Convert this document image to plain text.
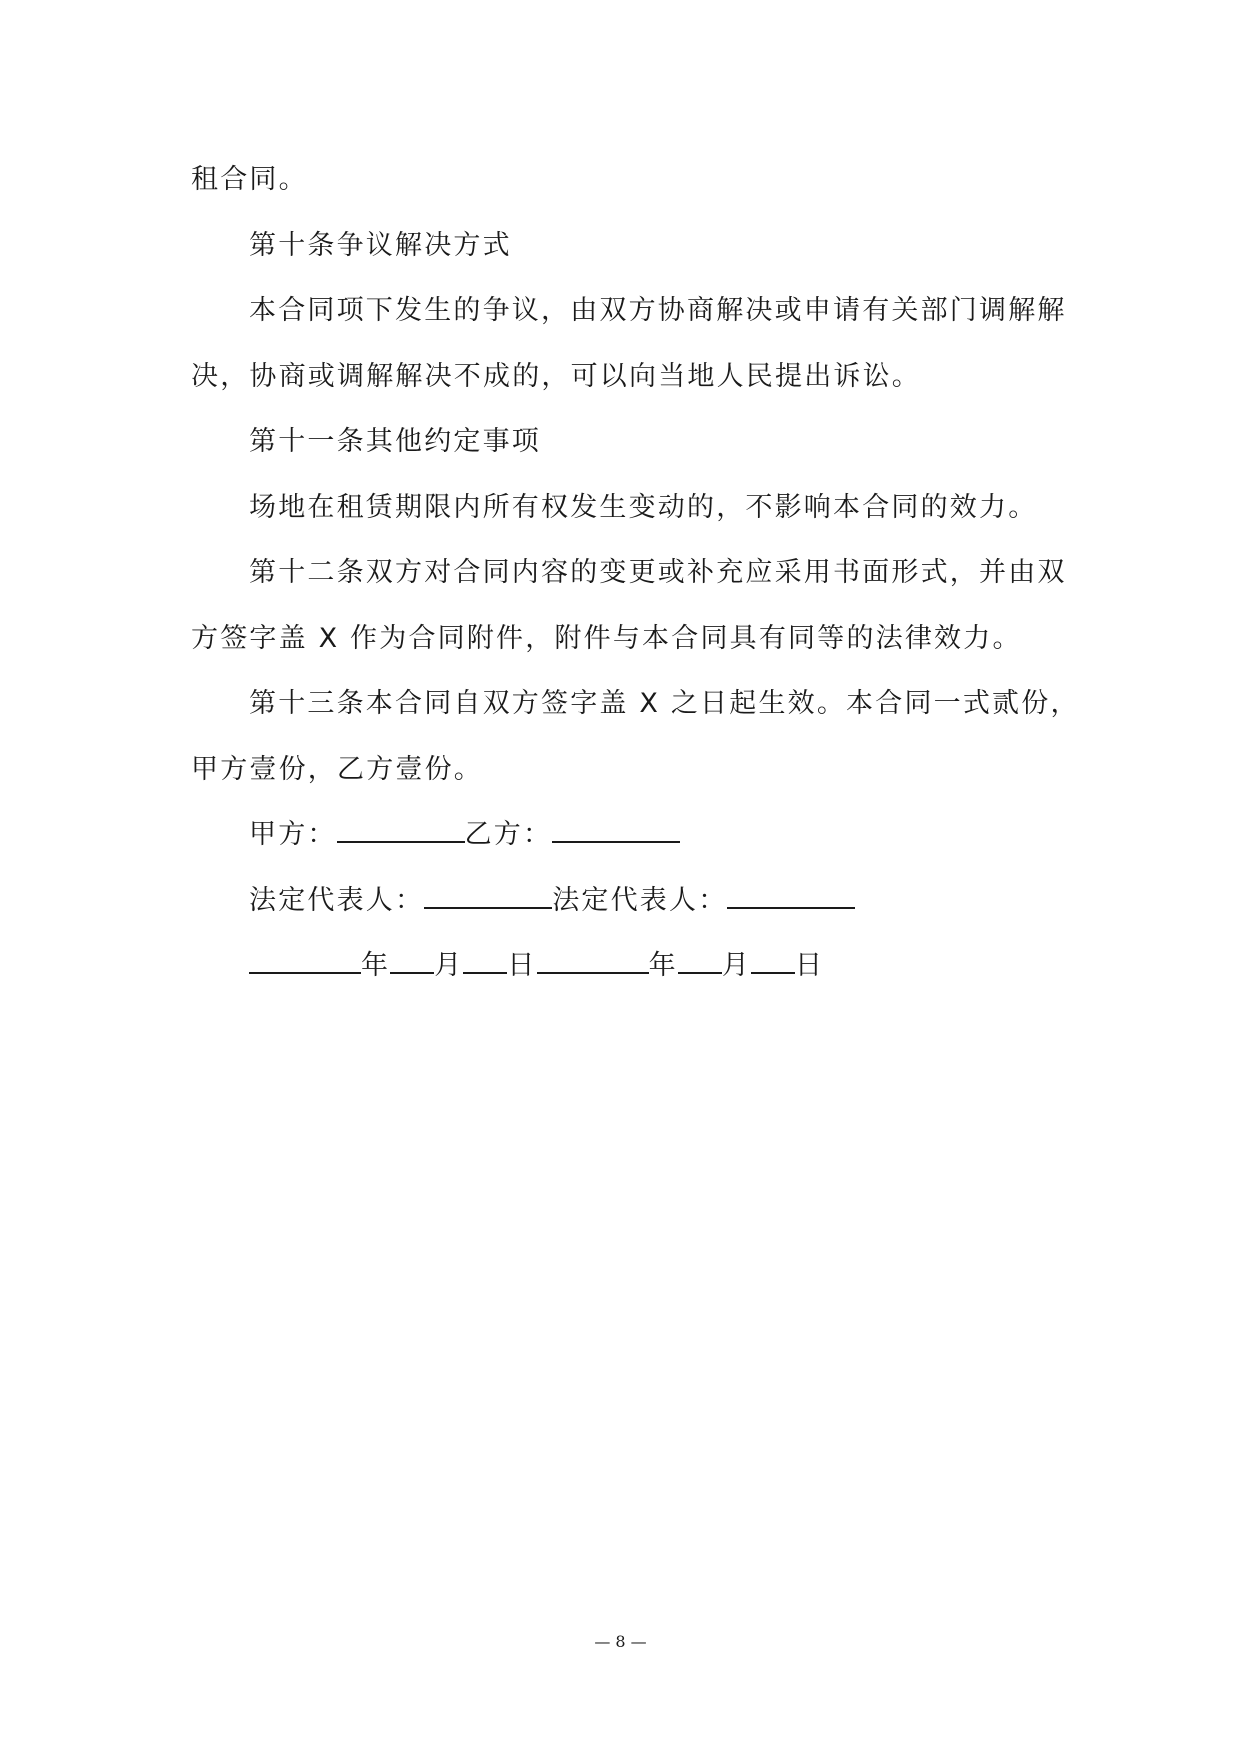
租合同。
第十条争议解决方式
本合同项下发生的争议，由双方协商解决或申请有关部门调解解
决，协商或调解解决不成的，可以向当地人民提出诉讼。
第十一条其他约定事项
场地在租赁期限内所有权发生变动的，不影响本合同的效力。
第十二条双方对合同内容的变更或补充应采用书面形式，并由双
方签字盖 X 作为合同附件，附件与本合同具有同等的法律效力。
第十三条本合同自双方签字盖 X 之日起生效。本合同一式贰份，
甲方壹份，乙方壹份。
甲方：	乙方：
法定代表人：	法定代表人：
年 月 日	年 月 日
— 8 —
